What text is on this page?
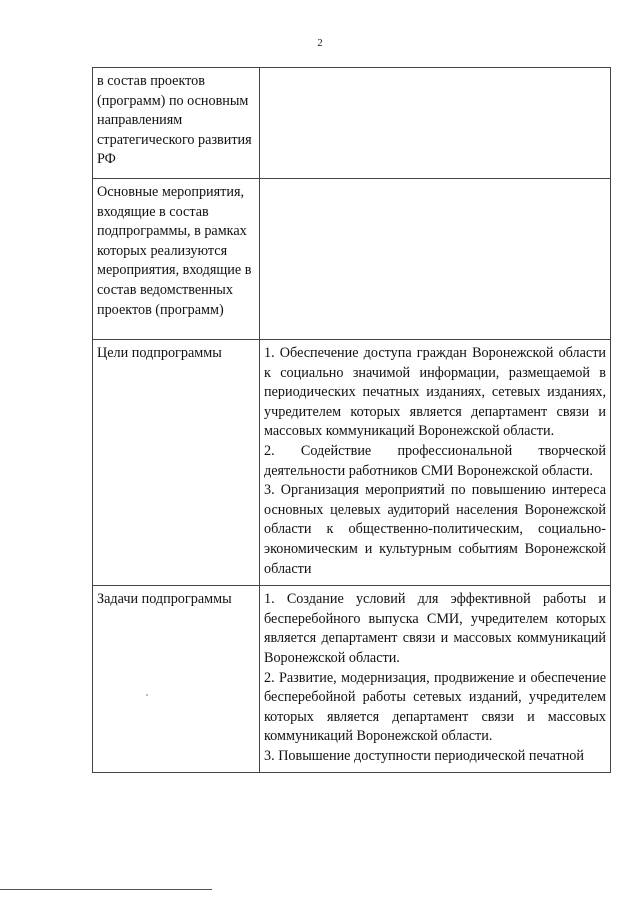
2
в состав проектов (программ) по основным направлениям стратегического развития РФ	
Основные мероприятия, входящие в состав подпрограммы, в рамках которых реализуются мероприятия, входящие в состав ведомственных проектов (программ)	
Цели подпрограммы	1. Обеспечение доступа граждан Воронежской области к социально значимой информации, размещаемой в периодических печатных изданиях, сетевых изданиях, учредителем которых является департамент связи и массовых коммуникаций Воронежской области.
2. Содействие профессиональной творческой деятельности работников СМИ Воронежской области.
3. Организация мероприятий по повышению интереса основных целевых аудиторий населения Воронежской области к общественно-политическим, социально-экономическим и культурным событиям Воронежской области

Задачи подпрограммы	1. Создание условий для эффективной работы и бесперебойного выпуска СМИ, учредителем которых является департамент связи и массовых коммуникаций Воронежской области.
2. Развитие, модернизация, продвижение и обеспечение бесперебойной работы сетевых изданий, учредителем которых является департамент связи и массовых коммуникаций Воронежской области.
3. Повышение доступности периодической печатной
